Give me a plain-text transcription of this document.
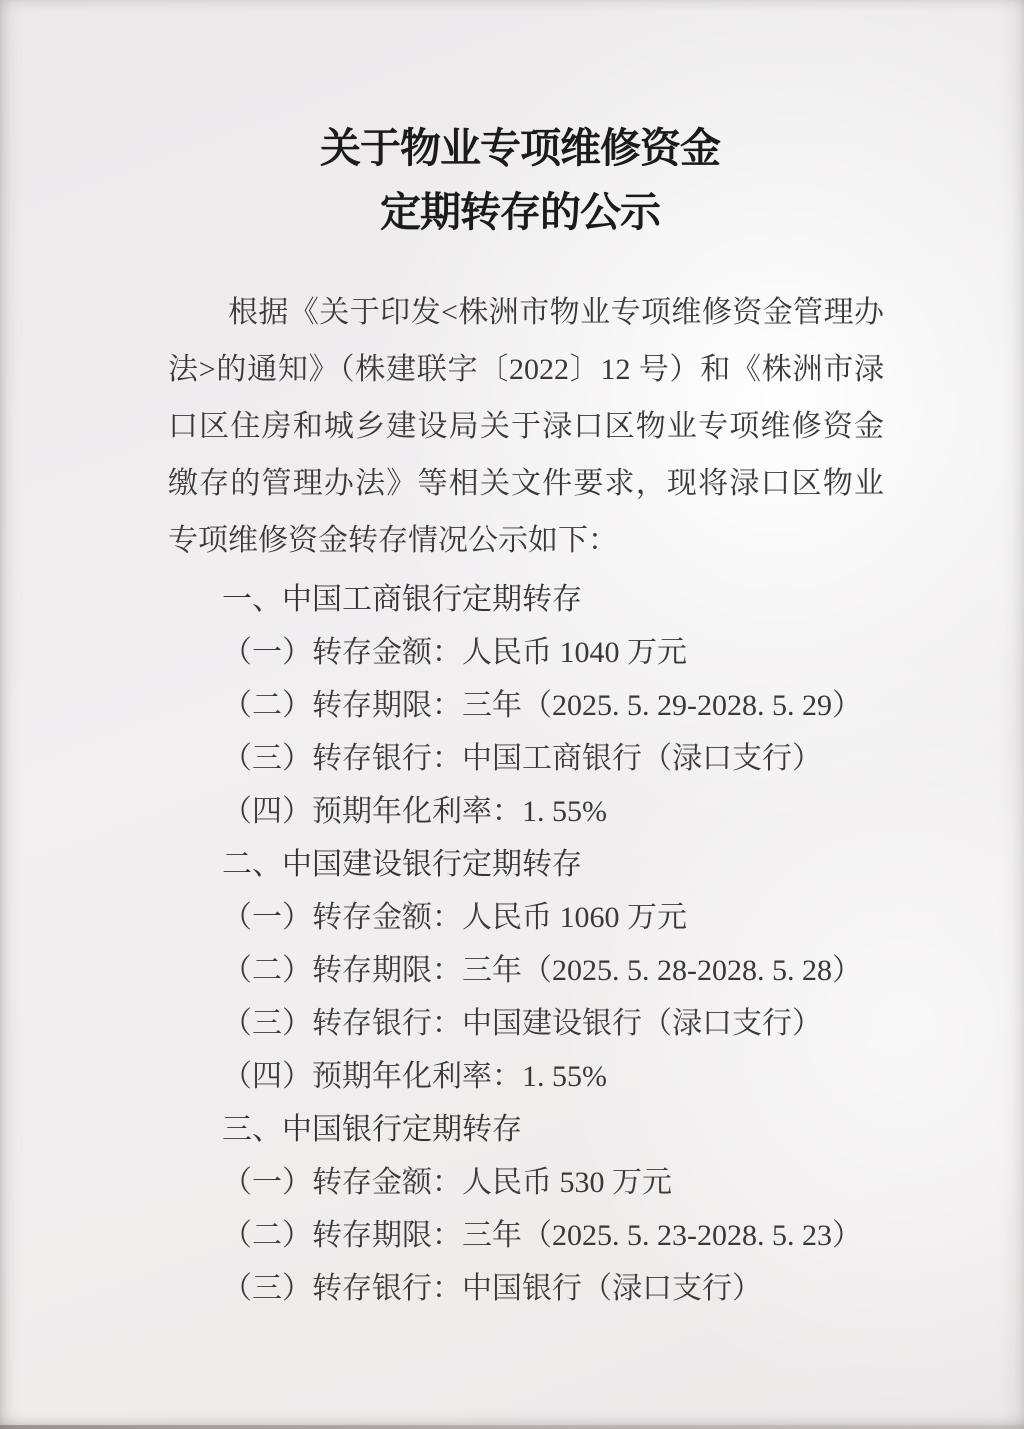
关于物业专项维修资金
定期转存的公示

根据《关于印发<株洲市物业专项维修资金管理办法>的通知》（株建联字〔2022〕12 号）和《株洲市渌口区住房和城乡建设局关于渌口区物业专项维修资金缴存的管理办法》等相关文件要求，现将渌口区物业专项维修资金转存情况公示如下：

一、中国工商银行定期转存
（一）转存金额：人民币 1040 万元
（二）转存期限：三年（2025. 5. 29-2028. 5. 29）
（三）转存银行：中国工商银行（渌口支行）
（四）预期年化利率：1. 55%
二、中国建设银行定期转存
（一）转存金额：人民币 1060 万元
（二）转存期限：三年（2025. 5. 28-2028. 5. 28）
（三）转存银行：中国建设银行（渌口支行）
（四）预期年化利率：1. 55%
三、中国银行定期转存
（一）转存金额：人民币 530 万元
（二）转存期限：三年（2025. 5. 23-2028. 5. 23）
（三）转存银行：中国银行（渌口支行）
